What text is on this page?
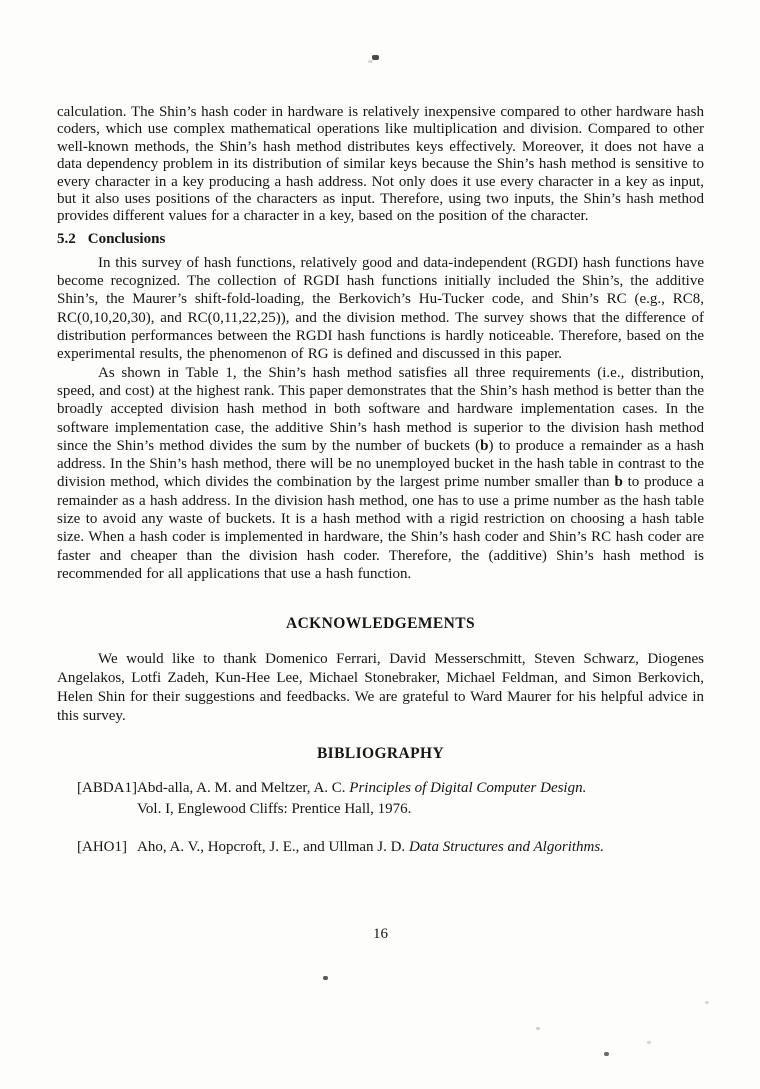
calculation. The Shin’s hash coder in hardware is relatively inexpensive compared to other hardware hash coders, which use complex mathematical operations like multiplication and division. Compared to other well-known methods, the Shin’s hash method distributes keys effectively. Moreover, it does not have a data dependency problem in its distribution of similar keys because the Shin’s hash method is sensitive to every character in a key producing a hash address. Not only does it use every character in a key as input, but it also uses positions of the characters as input. Therefore, using two inputs, the Shin’s hash method provides different values for a character in a key, based on the position of the character.

5.2 Conclusions

In this survey of hash functions, relatively good and data-independent (RGDI) hash functions have become recognized. The collection of RGDI hash functions initially included the Shin’s, the additive Shin’s, the Maurer’s shift-fold-loading, the Berkovich’s Hu-Tucker code, and Shin’s RC (e.g., RC8, RC(0,10,20,30), and RC(0,11,22,25)), and the division method. The survey shows that the difference of distribution performances between the RGDI hash functions is hardly noticeable. Therefore, based on the experimental results, the phenomenon of RG is defined and discussed in this paper.

As shown in Table 1, the Shin’s hash method satisfies all three requirements (i.e., distribution, speed, and cost) at the highest rank. This paper demonstrates that the Shin’s hash method is better than the broadly accepted division hash method in both software and hardware implementation cases. In the software implementation case, the additive Shin’s hash method is superior to the division hash method since the Shin’s method divides the sum by the number of buckets (b) to produce a remainder as a hash address. In the Shin’s hash method, there will be no unemployed bucket in the hash table in contrast to the division method, which divides the combination by the largest prime number smaller than b to produce a remainder as a hash address. In the division hash method, one has to use a prime number as the hash table size to avoid any waste of buckets. It is a hash method with a rigid restriction on choosing a hash table size. When a hash coder is implemented in hardware, the Shin’s hash coder and Shin’s RC hash coder are faster and cheaper than the division hash coder. Therefore, the (additive) Shin’s hash method is recommended for all applications that use a hash function.

ACKNOWLEDGEMENTS

We would like to thank Domenico Ferrari, David Messerschmitt, Steven Schwarz, Diogenes Angelakos, Lotfi Zadeh, Kun-Hee Lee, Michael Stonebraker, Michael Feldman, and Simon Berkovich, Helen Shin for their suggestions and feedbacks. We are grateful to Ward Maurer for his helpful advice in this survey.

BIBLIOGRAPHY
[ABDA1] Abd-alla, A. M. and Meltzer, A. C. Principles of Digital Computer Design.
Vol. I, Englewood Cliffs: Prentice Hall, 1976.
[AHO1] Aho, A. V., Hopcroft, J. E., and Ullman J. D. Data Structures and Algorithms.
16
